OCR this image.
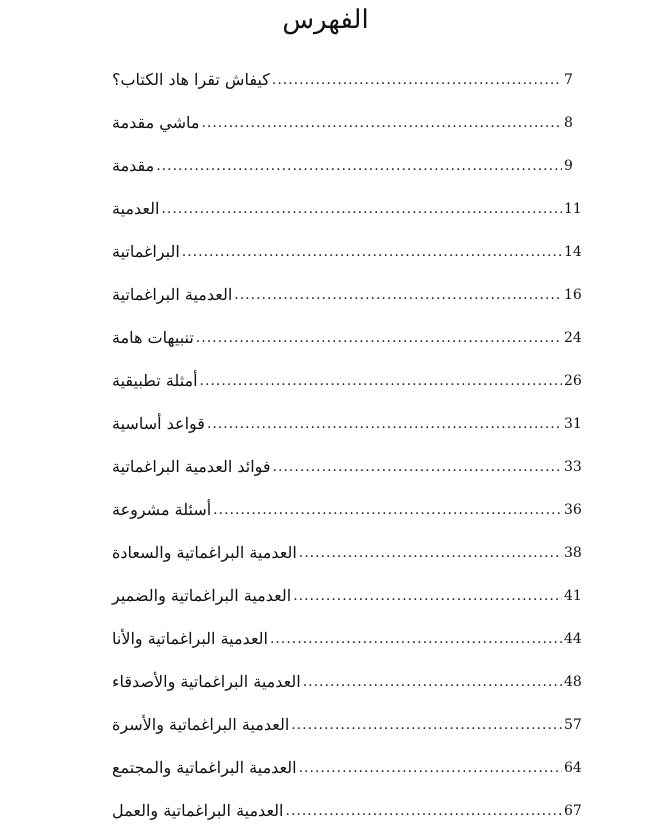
الفهرس
كيفاش تقرا هاد الكتاب؟ .....	7
ماشي مقدمة .....	8
مقدمة .....	9
العدمية .....	11
البراغماتية .....	14
العدمية البراغماتية .....	16
تنبيهات هامة .....	24
أمثلة تطبيقية .....	26
قواعد أساسية .....	31
فوائد العدمية البراغماتية .....	33
أسئلة مشروعة .....	36
العدمية البراغماتية والسعادة .....	38
العدمية البراغماتية والضمير .....	41
العدمية البراغماتية والأنا .....	44
العدمية البراغماتية والأصدقاء .....	48
العدمية البراغماتية والأسرة .....	57
العدمية البراغماتية والمجتمع .....	64
العدمية البراغماتية والعمل .....	67
